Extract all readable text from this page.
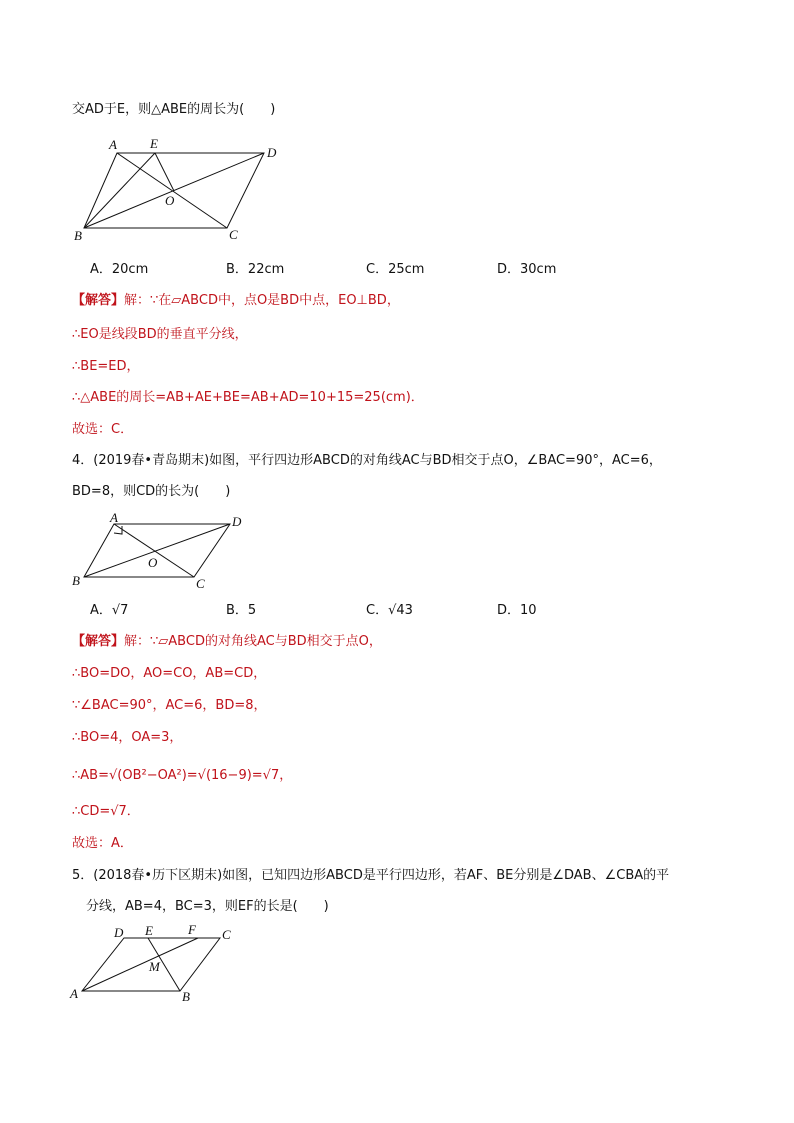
交AD于E，则△ABE的周长为(　　)
A	E
D
O
B	C
A．20cm	B．22cm	C．25cm	D．30cm
【解答】解：∵在▱ABCD中，点O是BD中点，EO⊥BD，
∴EO是线段BD的垂直平分线，
∴BE=ED，
∴△ABE的周长=AB+AE+BE=AB+AD=10+15=25(cm)．
故选：C．
4．(2019春•青岛期末)如图，平行四边形ABCD的对角线AC与BD相交于点O，∠BAC=90°，AC=6，
BD=8，则CD的长为(　　)
A	D
O
B	C
A．√7	B．5	C．√43	D．10
【解答】解：∵▱ABCD的对角线AC与BD相交于点O，
∴BO=DO，AO=CO，AB=CD，
∵∠BAC=90°，AC=6，BD=8，
∴BO=4，OA=3，
∴AB=√(OB²−OA²)=√(16−9)=√7，
∴CD=√7．
故选：A．
5．(2018春•历下区期末)如图，已知四边形ABCD是平行四边形，若AF、BE分别是∠DAB、∠CBA的平
分线，AB=4，BC=3，则EF的长是(　　)
D E	F C
M
A	B
